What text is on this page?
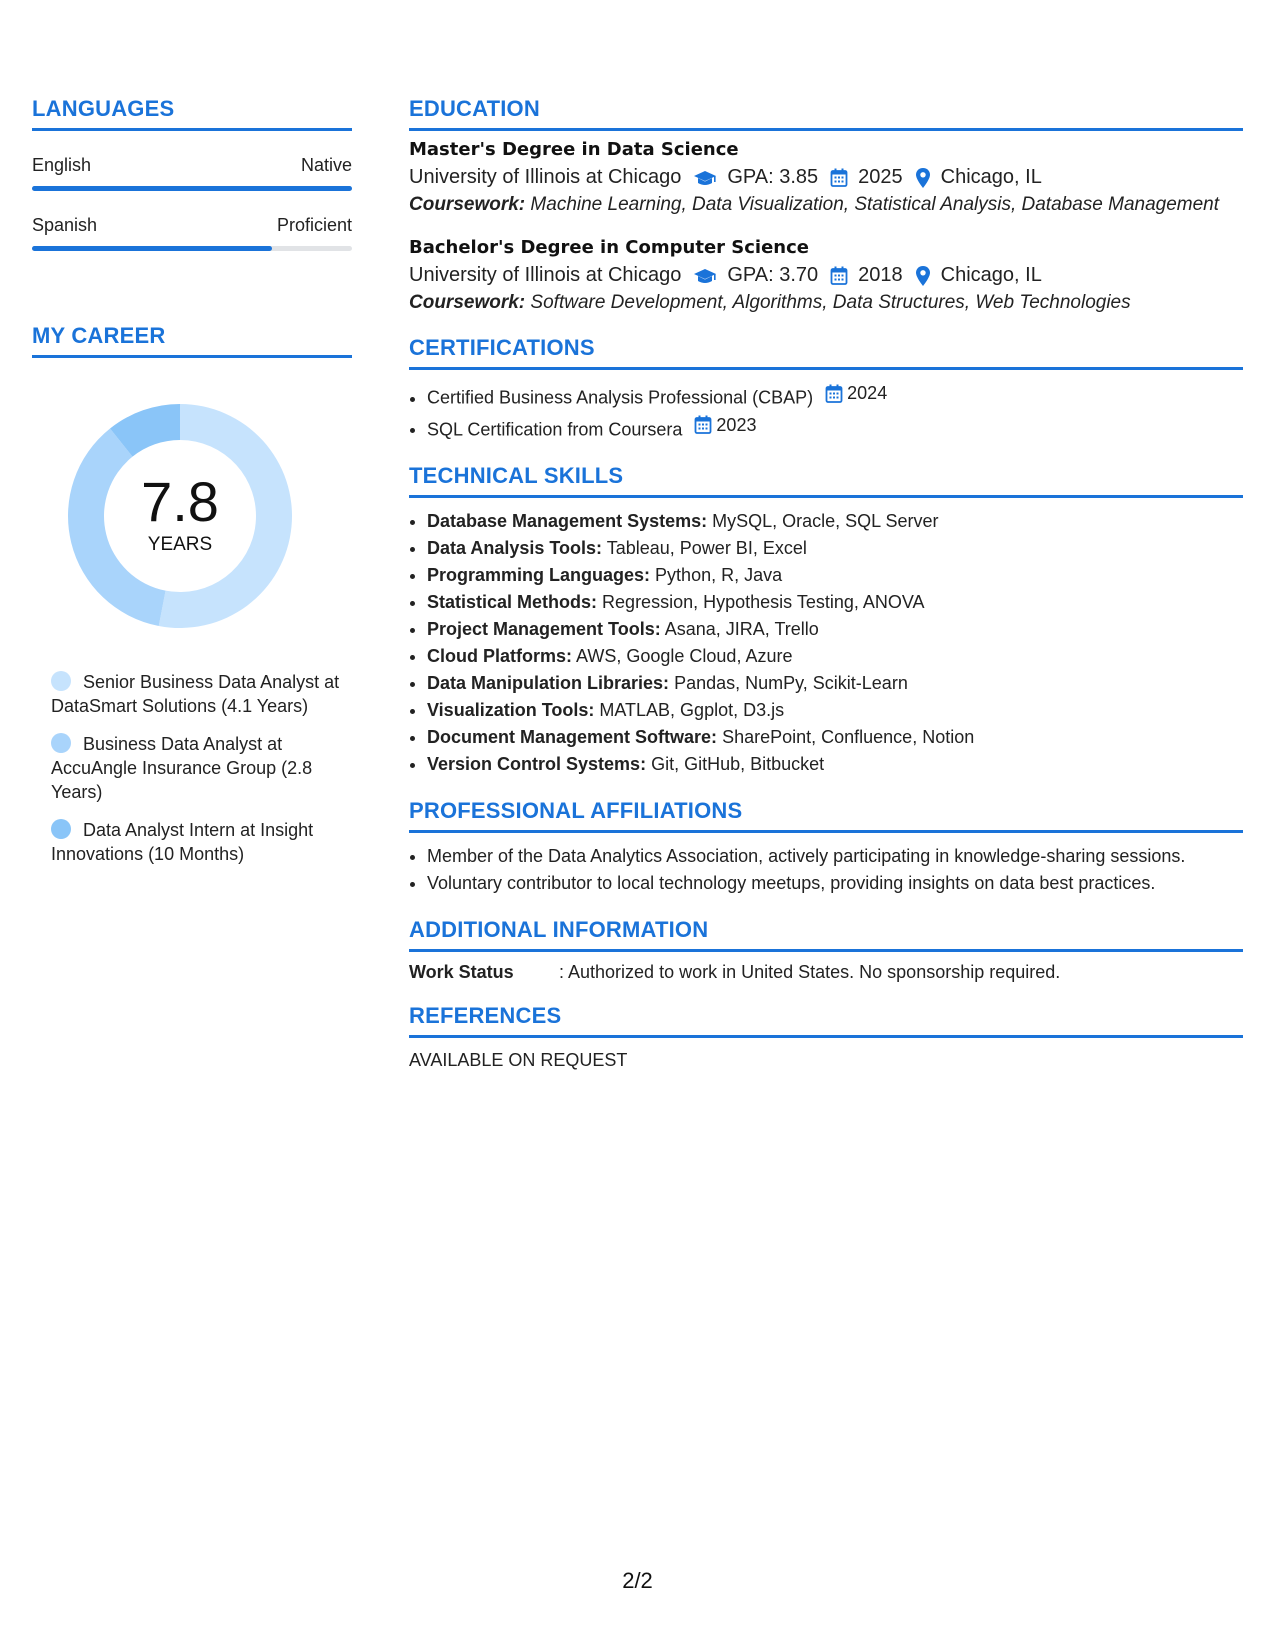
LANGUAGES
English	Native
Spanish	Proficient
MY CAREER
7.8
YEARS
Senior Business Data Analyst at DataSmart Solutions (4.1 Years)
Business Data Analyst at AccuAngle Insurance Group (2.8 Years)
Data Analyst Intern at Insight Innovations (10 Months)
EDUCATION
Master's Degree in Data Science
University of Illinois at Chicago GPA: 3.85 2025 Chicago, IL
Coursework: Machine Learning, Data Visualization, Statistical Analysis, Database Management
Bachelor's Degree in Computer Science
University of Illinois at Chicago GPA: 3.70 2018 Chicago, IL
Coursework: Software Development, Algorithms, Data Structures, Web Technologies
CERTIFICATIONS
• Certified Business Analysis Professional (CBAP) 2024
• SQL Certification from Coursera 2023
TECHNICAL SKILLS
• Database Management Systems: MySQL, Oracle, SQL Server
• Data Analysis Tools: Tableau, Power BI, Excel
• Programming Languages: Python, R, Java
• Statistical Methods: Regression, Hypothesis Testing, ANOVA
• Project Management Tools: Asana, JIRA, Trello
• Cloud Platforms: AWS, Google Cloud, Azure
• Data Manipulation Libraries: Pandas, NumPy, Scikit-Learn
• Visualization Tools: MATLAB, Ggplot, D3.js
• Document Management Software: SharePoint, Confluence, Notion
• Version Control Systems: Git, GitHub, Bitbucket
PROFESSIONAL AFFILIATIONS
• Member of the Data Analytics Association, actively participating in knowledge-sharing sessions.
• Voluntary contributor to local technology meetups, providing insights on data best practices.
ADDITIONAL INFORMATION
Work Status	: Authorized to work in United States. No sponsorship required.
REFERENCES
AVAILABLE ON REQUEST
2/2
